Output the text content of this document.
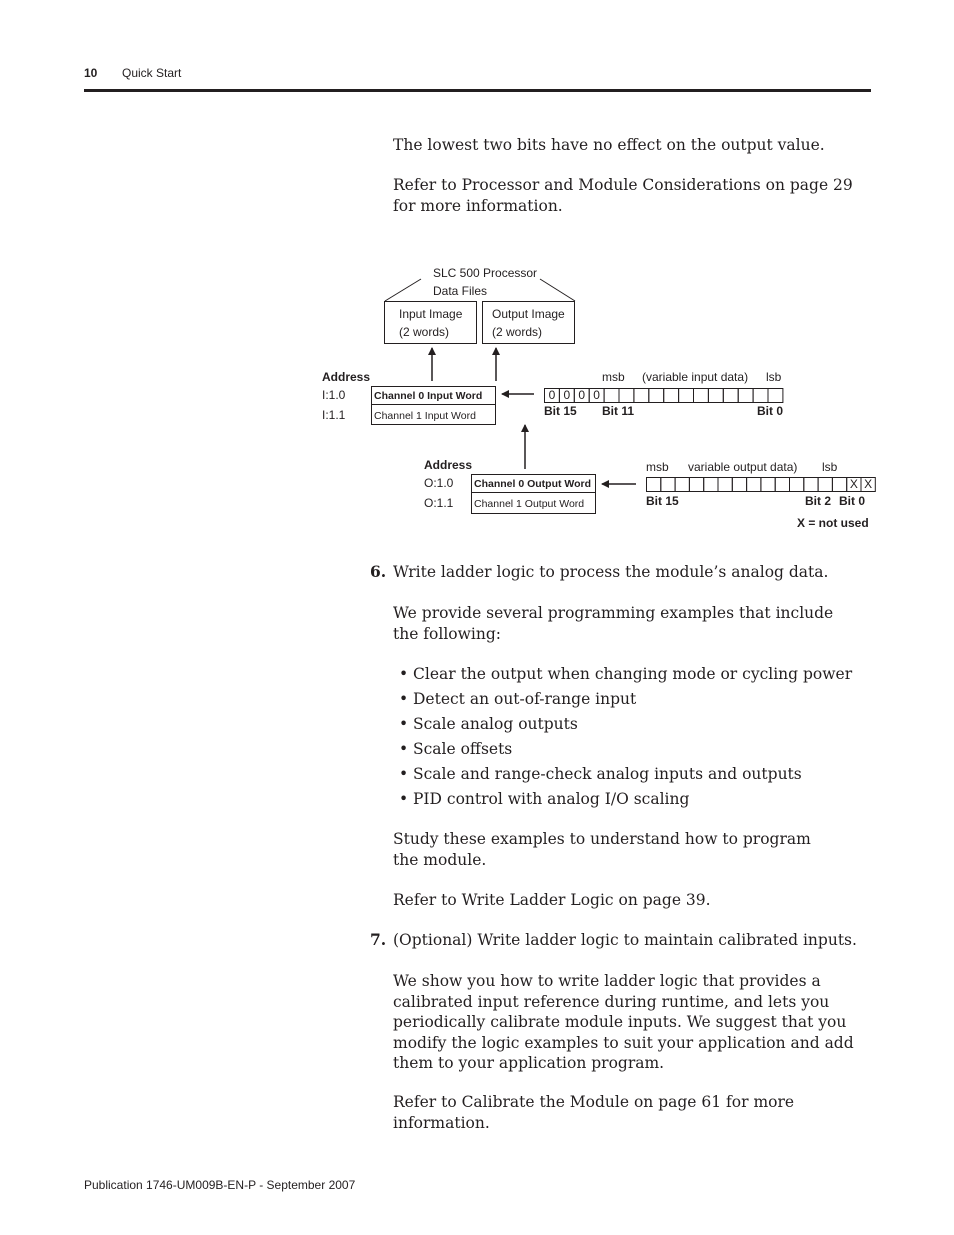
10 Quick Start
The lowest two bits have no effect on the output value.
Refer to Processor and Module Considerations on page 29 for more information.
SLC 500 Processor
Data Files
Input Image
(2 words)
Output Image
(2 words)
Address
I:1.0
I:1.1
Channel 0 Input Word
Channel 1 Input Word
msb (variable input data) lsb
0 0 0 0
Bit 15 Bit 11	Bit 0
Address
O:1.0
O:1.1
Channel 0 Output Word
Channel 1 Output Word
msb variable output data) lsb
X X
Bit 15	Bit 2 Bit 0
X = not used
6. Write ladder logic to process the module’s analog data.
We provide several programming examples that include the following:
• Clear the output when changing mode or cycling power
• Detect an out-of-range input
• Scale analog outputs
• Scale offsets
• Scale and range-check analog inputs and outputs
• PID control with analog I/O scaling
Study these examples to understand how to program the module.
Refer to Write Ladder Logic on page 39.
7. (Optional) Write ladder logic to maintain calibrated inputs.
We show you how to write ladder logic that provides a calibrated input reference during runtime, and lets you periodically calibrate module inputs. We suggest that you modify the logic examples to suit your application and add them to your application program.
Refer to Calibrate the Module on page 61 for more information.
Publication 1746-UM009B-EN-P - September 2007
